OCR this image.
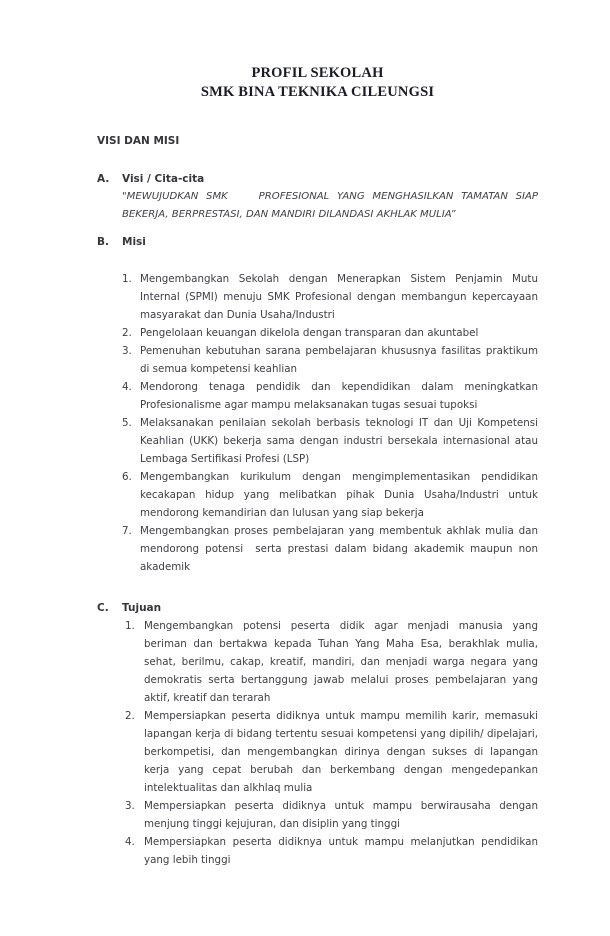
PROFIL SEKOLAH
SMK BINA TEKNIKA CILEUNGSI
VISI DAN MISI
A.	Visi / Cita-cita
"MEWUJUDKAN SMK    PROFESIONAL YANG MENGHASILKAN TAMATAN SIAP BEKERJA, BERPRESTASI, DAN MANDIRI DILANDASI AKHLAK MULIA”
B.	Misi
1. Mengembangkan Sekolah dengan Menerapkan Sistem Penjamin Mutu Internal (SPMI) menuju SMK Profesional dengan membangun kepercayaan masyarakat dan Dunia Usaha/Industri
2. Pengelolaan keuangan dikelola dengan transparan dan akuntabel
3. Pemenuhan kebutuhan sarana pembelajaran khususnya fasilitas praktikum di semua kompetensi keahlian
4. Mendorong tenaga pendidik dan kependidikan dalam meningkatkan Profesionalisme agar mampu melaksanakan tugas sesuai tupoksi
5. Melaksanakan penilaian sekolah berbasis teknologi IT dan Uji Kompetensi Keahlian (UKK) bekerja sama dengan industri bersekala internasional atau Lembaga Sertifikasi Profesi (LSP)
6. Mengembangkan kurikulum dengan mengimplementasikan pendidikan kecakapan hidup yang melibatkan pihak Dunia Usaha/Industri untuk mendorong kemandirian dan lulusan yang siap bekerja
7. Mengembangkan proses pembelajaran yang membentuk akhlak mulia dan mendorong potensi  serta prestasi dalam bidang akademik maupun non akademik
C.	Tujuan
1. Mengembangkan potensi peserta didik agar menjadi manusia yang beriman dan bertakwa kepada Tuhan Yang Maha Esa, berakhlak mulia, sehat, berilmu, cakap, kreatif, mandiri, dan menjadi warga negara yang demokratis serta bertanggung jawab melalui proses pembelajaran yang aktif, kreatif dan terarah
2. Mempersiapkan peserta didiknya untuk mampu memilih karir, memasuki lapangan kerja di bidang tertentu sesuai kompetensi yang dipilih/ dipelajari, berkompetisi, dan mengembangkan dirinya dengan sukses di lapangan kerja yang cepat berubah dan berkembang dengan mengedepankan intelektualitas dan alkhlaq mulia
3. Mempersiapkan peserta didiknya untuk mampu berwirausaha dengan menjung tinggi kejujuran, dan disiplin yang tinggi
4. Mempersiapkan peserta didiknya untuk mampu melanjutkan pendidikan yang lebih tinggi
